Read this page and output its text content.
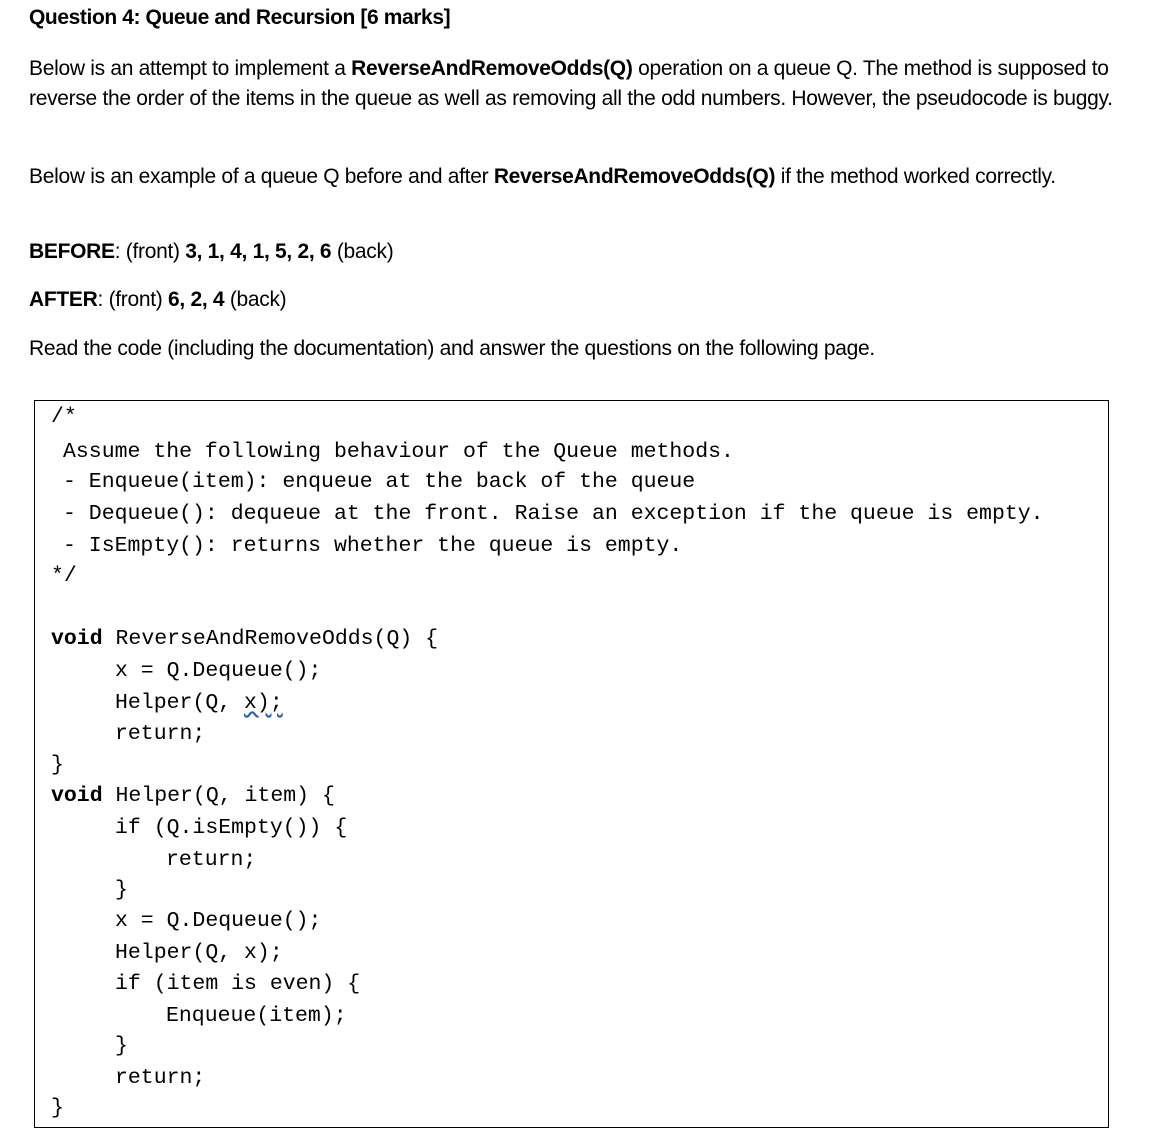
Question 4: Queue and Recursion [6 marks]
Below is an attempt to implement a ReverseAndRemoveOdds(Q) operation on a queue Q. The method is supposed to reverse the order of the items in the queue as well as removing all the odd numbers. However, the pseudocode is buggy.
Below is an example of a queue Q before and after ReverseAndRemoveOdds(Q) if the method worked correctly.
BEFORE: (front) 3, 1, 4, 1, 5, 2, 6 (back)
AFTER: (front) 6, 2, 4 (back)
Read the code (including the documentation) and answer the questions on the following page.
/*
Assume the following behaviour of the Queue methods.
- Enqueue(item): enqueue at the back of the queue
- Dequeue(): dequeue at the front. Raise an exception if the queue is empty.
- IsEmpty(): returns whether the queue is empty.
*/
void ReverseAndRemoveOdds(Q) {
x = Q.Dequeue();
Helper(Q, x);
return;
}
void Helper(Q, item) {
if (Q.isEmpty()) {
return;
}
x = Q.Dequeue();
Helper(Q, x);
if (item is even) {
Enqueue(item);
}
return;
}
